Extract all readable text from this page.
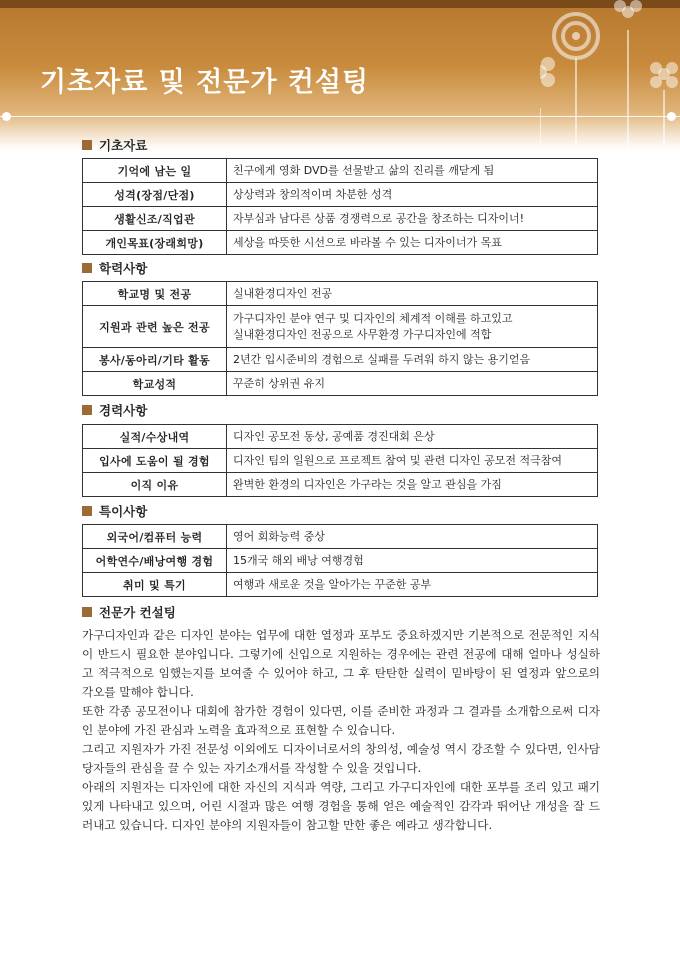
기초자료 및 전문가 컨설팅
기초자료
기억에 남는 일	친구에게 영화 DVD를 선물받고 삶의 진리를 깨닫게 됨
성격(장점/단점)	상상력과 창의적이며 차분한 성격
생활신조/직업관	자부심과 남다른 상품 경쟁력으로 공간을 창조하는 디자이너!
개인목표(장래희망)	세상을 따뜻한 시선으로 바라볼 수 있는 디자이너가 목표
학력사항
학교명 및 전공	실내환경디자인 전공
지원과 관련 높은 전공	가구디자인 분야 연구 및 디자인의 체계적 이해를 하고있고
실내환경디자인 전공으로 사무환경 가구디자인에 적합

봉사/동아리/기타 활동	2년간 입시준비의 경험으로 실패를 두려워 하지 않는 용기얻음
학교성적	꾸준히 상위권 유지
경력사항
실적/수상내역	디자인 공모전 동상, 공예품 경진대회 은상
입사에 도움이 될 경험	디자인 팀의 일원으로 프로젝트 참여 및 관련 디자인 공모전 적극참여
이직 이유	완벽한 환경의 디자인은 가구라는 것을 알고 관심을 가짐
특이사항
외국어/컴퓨터 능력	영어 회화능력 중상
어학연수/배낭여행 경험	15개국 해외 배낭 여행경험
취미 및 특기	여행과 새로운 것을 알아가는 꾸준한 공부
전문가 컨설팅

가구디자인과 같은 디자인 분야는 업무에 대한 열정과 포부도 중요하겠지만 기본적으로 전문적인 지식이 반드시 필요한 분야입니다. 그렇기에 신입으로 지원하는 경우에는 관련 전공에 대해 얼마나 성실하고 적극적으로 임했는지를 보여줄 수 있어야 하고, 그 후 탄탄한 실력이 밑바탕이 된 열정과 앞으로의 각오를 말해야 합니다.

또한 각종 공모전이나 대회에 참가한 경험이 있다면, 이를 준비한 과정과 그 결과를 소개함으로써 디자인 분야에 가진 관심과 노력을 효과적으로 표현할 수 있습니다.

그리고 지원자가 가진 전문성 이외에도 디자이너로서의 창의성, 예술성 역시 강조할 수 있다면, 인사담당자들의 관심을 끌 수 있는 자기소개서를 작성할 수 있을 것입니다.

아래의 지원자는 디자인에 대한 자신의 지식과 역량, 그리고 가구디자인에 대한 포부를 조리 있고 패기 있게 나타내고 있으며, 어린 시절과 많은 여행 경험을 통해 얻은 예술적인 감각과 뛰어난 개성을 잘 드러내고 있습니다. 디자인 분야의 지원자들이 참고할 만한 좋은 예라고 생각합니다.
